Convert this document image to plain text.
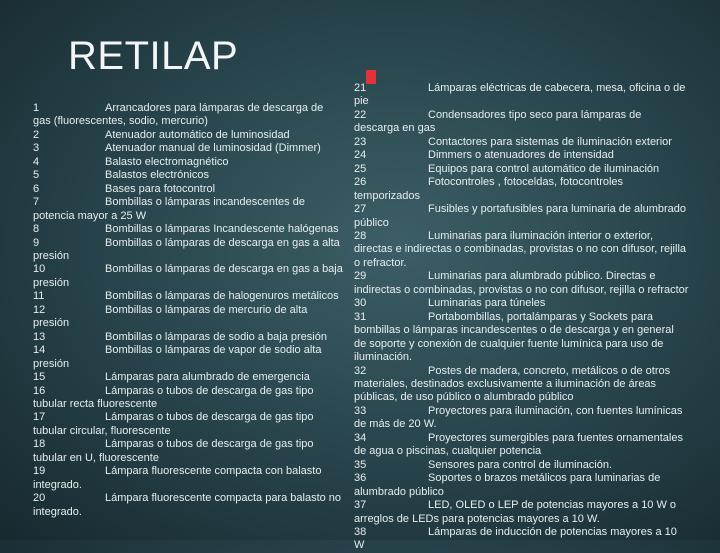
RETILAP
1	Arrancadores para lámparas de descarga de gas (fluorescentes, sodio, mercurio)
2	Atenuador automático de luminosidad
3	Atenuador manual de luminosidad (Dimmer)
4	Balasto electromagnético
5	Balastos electrónicos
6	Bases para fotocontrol
7	Bombillas o lámparas incandescentes de potencia mayor a 25 W
8	Bombillas o lámparas Incandescente halógenas
9	Bombillas o lámparas de descarga en gas a alta presión
10	Bombillas o lámparas de descarga en gas a baja presión
11	Bombillas o lámparas de halogenuros metálicos
12	Bombillas o lámparas de mercurio de alta presión
13	Bombillas o lámparas de sodio a baja presión
14	Bombillas o lámparas de vapor de sodio alta presión
15	Lámparas para alumbrado de emergencia
16	Lámparas o tubos de descarga de gas tipo tubular recta fluorescente
17	Lámparas o tubos de descarga de gas tipo tubular circular, fluorescente
18	Lámparas o tubos de descarga de gas tipo tubular en U, fluorescente
19	Lámpara fluorescente compacta con balasto integrado.
20	Lámpara fluorescente compacta para balasto no integrado.
21	Lámparas eléctricas de cabecera, mesa, oficina o de pie
22	Condensadores tipo seco para lámparas de descarga en gas
23	Contactores para sistemas de iluminación exterior
24	Dimmers o atenuadores de intensidad
25	Equipos para control automático de iluminación
26	Fotocontroles , fotoceldas, fotocontroles temporizados
27	Fusibles y portafusibles para luminaria de alumbrado público
28	Luminarias para iluminación interior o exterior, directas e indirectas o combinadas, provistas o no con difusor, rejilla o refractor.
29	Luminarias para alumbrado público. Directas e indirectas o combinadas, provistas o no con difusor, rejilla o refractor
30	Luminarias para túneles
31	Portabombillas, portalámparas y Sockets para bombillas o lámparas incandescentes o de descarga y en general de soporte y conexión de cualquier fuente lumínica para uso de iluminación.
32	Postes de madera, concreto, metálicos o de otros materiales, destinados exclusivamente a iluminación de áreas públicas, de uso público o alumbrado público
33	Proyectores para iluminación, con fuentes lumínicas de más de 20 W.
34	Proyectores sumergibles para fuentes ornamentales de agua o piscinas, cualquier potencia
35	Sensores para control de iluminación.
36	Soportes o brazos metálicos para luminarias de alumbrado público
37	LED, OLED o LEP de potencias mayores a 10 W o arreglos de LEDs para potencias mayores a 10 W.
38	Lámparas de inducción de potencias mayores a 10 W
